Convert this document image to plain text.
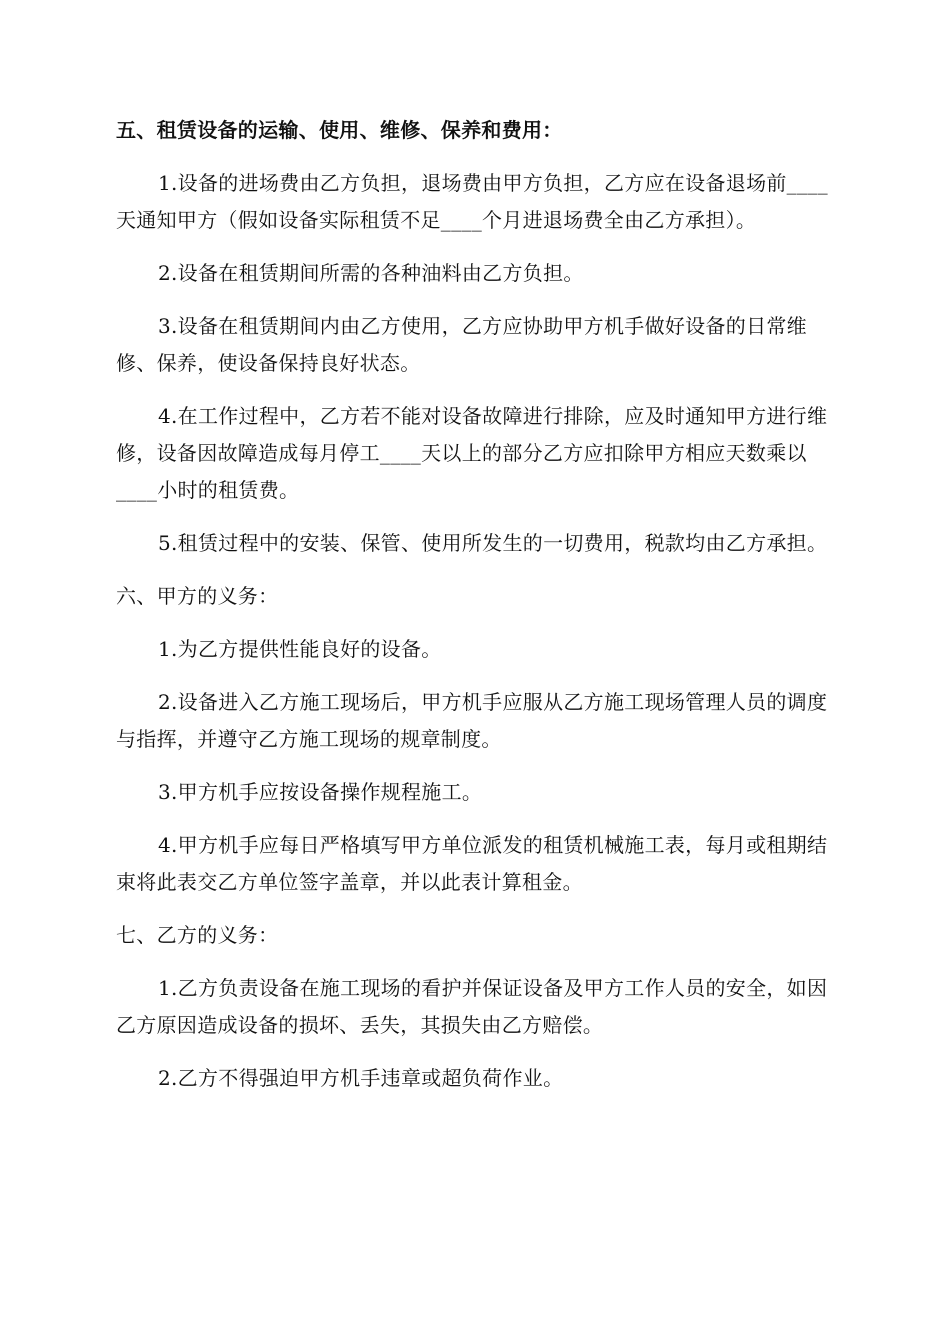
五、租赁设备的运输、使用、维修、保养和费用：

1.设备的进场费由乙方负担，退场费由甲方负担，乙方应在设备退场前____天通知甲方（假如设备实际租赁不足____个月进退场费全由乙方承担）。

2.设备在租赁期间所需的各种油料由乙方负担。

3.设备在租赁期间内由乙方使用，乙方应协助甲方机手做好设备的日常维修、保养，使设备保持良好状态。

4.在工作过程中，乙方若不能对设备故障进行排除，应及时通知甲方进行维修，设备因故障造成每月停工____天以上的部分乙方应扣除甲方相应天数乘以____小时的租赁费。

5.租赁过程中的安装、保管、使用所发生的一切费用，税款均由乙方承担。

六、甲方的义务：

1.为乙方提供性能良好的设备。

2.设备进入乙方施工现场后，甲方机手应服从乙方施工现场管理人员的调度与指挥，并遵守乙方施工现场的规章制度。

3.甲方机手应按设备操作规程施工。

4.甲方机手应每日严格填写甲方单位派发的租赁机械施工表，每月或租期结束将此表交乙方单位签字盖章，并以此表计算租金。

七、乙方的义务：

1.乙方负责设备在施工现场的看护并保证设备及甲方工作人员的安全，如因乙方原因造成设备的损坏、丢失，其损失由乙方赔偿。

2.乙方不得强迫甲方机手违章或超负荷作业。
